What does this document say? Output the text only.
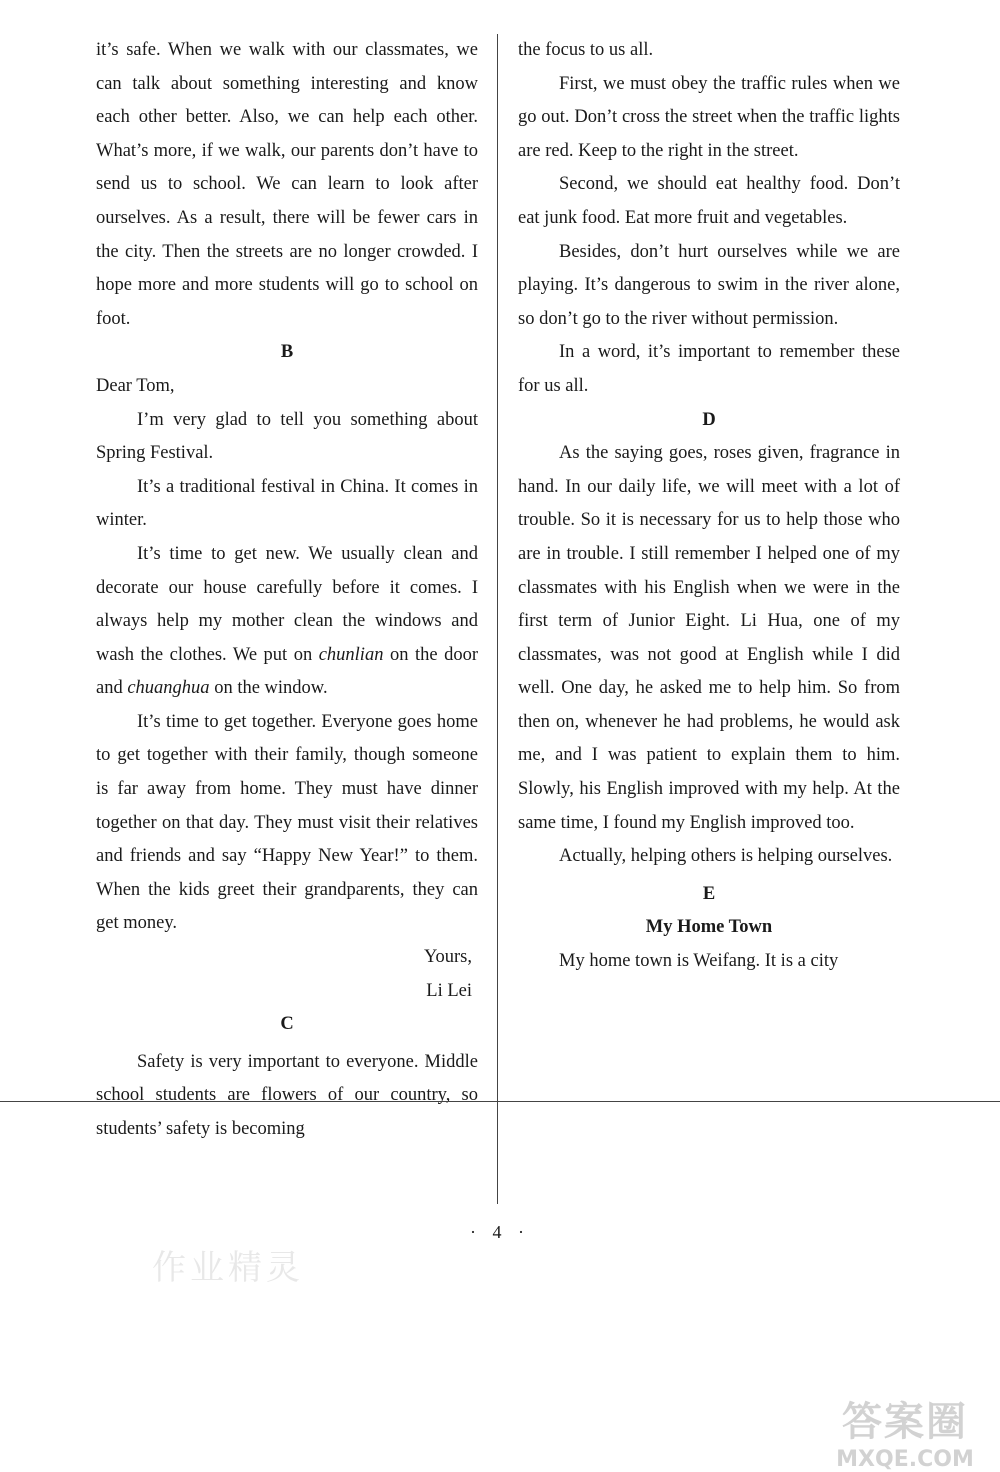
it’s safe. When we walk with our classmates, we can talk about something interesting and know each other better. Also, we can help each other. What’s more, if we walk, our parents don’t have to send us to school. We can learn to look after ourselves. As a result, there will be fewer cars in the city. Then the streets are no longer crowded. I hope more and more students will go to school on foot.

B

Dear Tom,

I’m very glad to tell you something about Spring Festival.

It’s a traditional festival in China. It comes in winter.

It’s time to get new. We usually clean and decorate our house carefully before it comes. I always help my mother clean the windows and wash the clothes. We put on chunlian on the door and chuanghua on the window.

It’s time to get together. Everyone goes home to get together with their family, though someone is far away from home. They must have dinner together on that day. They must visit their relatives and friends and say “Happy New Year!” to them. When the kids greet their grandparents, they can get money.

Yours,

Li Lei

C

Safety is very important to everyone. Middle school students are flowers of our country, so students’ safety is becoming

the focus to us all.

First, we must obey the traffic rules when we go out. Don’t cross the street when the traffic lights are red. Keep to the right in the street.

Second, we should eat healthy food. Don’t eat junk food. Eat more fruit and vegetables.

Besides, don’t hurt ourselves while we are playing. It’s dangerous to swim in the river alone, so don’t go to the river without permission.

In a word, it’s important to remember these for us all.

D

As the saying goes, roses given, fragrance in hand. In our daily life, we will meet with a lot of trouble. So it is necessary for us to help those who are in trouble. I still remember I helped one of my classmates with his English when we were in the first term of Junior Eight. Li Hua, one of my classmates, was not good at English while I did well. One day, he asked me to help him. So from then on, whenever he had problems, he would ask me, and I was patient to explain them to him. Slowly, his English improved with my help. At the same time, I found my English improved too.

Actually, helping others is helping ourselves.

E

My Home Town

My home town is Weifang. It is a city

· 4 ·
作业精灵
答案圈
MXQE.COM
